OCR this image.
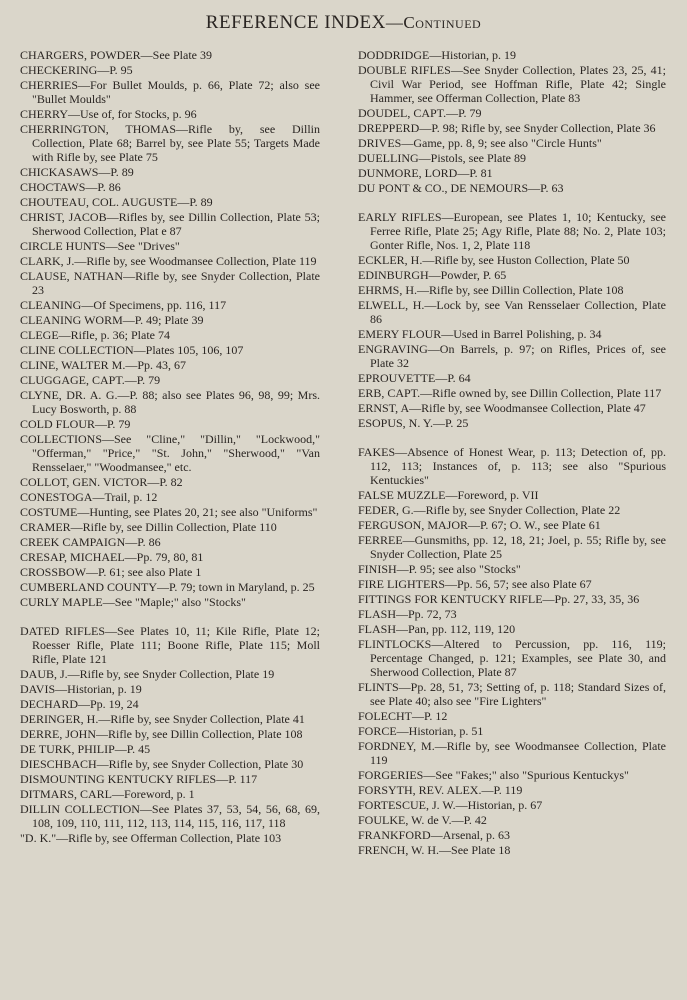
REFERENCE INDEX—Continued
CHARGERS, POWDER—See Plate 39
CHECKERING—P. 95
CHERRIES—For Bullet Moulds, p. 66, Plate 72; also see "Bullet Moulds"
CHERRY—Use of, for Stocks, p. 96
CHERRINGTON, THOMAS—Rifle by, see Dillin Collection, Plate 68; Barrel by, see Plate 55; Targets Made with Rifle by, see Plate 75
CHICKASAWS—P. 89
CHOCTAWS—P. 86
CHOUTEAU, COL. AUGUSTE—P. 89
CHRIST, JACOB—Rifles by, see Dillin Collection, Plate 53; Sherwood Collection, Plat e 87
CIRCLE HUNTS—See "Drives"
CLARK, J.—Rifle by, see Woodmansee Collection, Plate 119
CLAUSE, NATHAN—Rifle by, see Snyder Collection, Plate 23
CLEANING—Of Specimens, pp. 116, 117
CLEANING WORM—P. 49; Plate 39
CLEGE—Rifle, p. 36; Plate 74
CLINE COLLECTION—Plates 105, 106, 107
CLINE, WALTER M.—Pp. 43, 67
CLUGGAGE, CAPT.—P. 79
CLYNE, DR. A. G.—P. 88; also see Plates 96, 98, 99; Mrs. Lucy Bosworth, p. 88
COLD FLOUR—P. 79
COLLECTIONS—See "Cline," "Dillin," "Lockwood," "Offerman," "Price," "St. John," "Sherwood," "Van Rensselaer," "Woodmansee," etc.
COLLOT, GEN. VICTOR—P. 82
CONESTOGA—Trail, p. 12
COSTUME—Hunting, see Plates 20, 21; see also "Uniforms"
CRAMER—Rifle by, see Dillin Collection, Plate 110
CREEK CAMPAIGN—P. 86
CRESAP, MICHAEL—Pp. 79, 80, 81
CROSSBOW—P. 61; see also Plate 1
CUMBERLAND COUNTY—P. 79; town in Maryland, p. 25
CURLY MAPLE—See "Maple;" also "Stocks"
DATED RIFLES—See Plates 10, 11; Kile Rifle, Plate 12; Roesser Rifle, Plate 111; Boone Rifle, Plate 115; Moll Rifle, Plate 121
DAUB, J.—Rifle by, see Snyder Collection, Plate 19
DAVIS—Historian, p. 19
DECHARD—Pp. 19, 24
DERINGER, H.—Rifle by, see Snyder Collection, Plate 41
DERRE, JOHN—Rifle by, see Dillin Collection, Plate 108
DE TURK, PHILIP—P. 45
DIESCHBACH—Rifle by, see Snyder Collection, Plate 30
DISMOUNTING KENTUCKY RIFLES—P. 117
DITMARS, CARL—Foreword, p. 1
DILLIN COLLECTION—See Plates 37, 53, 54, 56, 68, 69, 108, 109, 110, 111, 112, 113, 114, 115, 116, 117, 118
"D. K."—Rifle by, see Offerman Collection, Plate 103
DODDRIDGE—Historian, p. 19
DOUBLE RIFLES—See Snyder Collection, Plates 23, 25, 41; Civil War Period, see Hoffman Rifle, Plate 42; Single Hammer, see Offerman Collection, Plate 83
DOUDEL, CAPT.—P. 79
DREPPERD—P. 98; Rifle by, see Snyder Collection, Plate 36
DRIVES—Game, pp. 8, 9; see also "Circle Hunts"
DUELLING—Pistols, see Plate 89
DUNMORE, LORD—P. 81
DU PONT & CO., DE NEMOURS—P. 63
EARLY RIFLES—European, see Plates 1, 10; Kentucky, see Ferree Rifle, Plate 25; Agy Rifle, Plate 88; No. 2, Plate 103; Gonter Rifle, Nos. 1, 2, Plate 118
ECKLER, H.—Rifle by, see Huston Collection, Plate 50
EDINBURGH—Powder, P. 65
EHRMS, H.—Rifle by, see Dillin Collection, Plate 108
ELWELL, H.—Lock by, see Van Rensselaer Collection, Plate 86
EMERY FLOUR—Used in Barrel Polishing, p. 34
ENGRAVING—On Barrels, p. 97; on Rifles, Prices of, see Plate 32
EPROUVETTE—P. 64
ERB, CAPT.—Rifle owned by, see Dillin Collection, Plate 117
ERNST, A—Rifle by, see Woodmansee Collection, Plate 47
ESOPUS, N. Y.—P. 25
FAKES—Absence of Honest Wear, p. 113; Detection of, pp. 112, 113; Instances of, p. 113; see also "Spurious Kentuckies"
FALSE MUZZLE—Foreword, p. VII
FEDER, G.—Rifle by, see Snyder Collection, Plate 22
FERGUSON, MAJOR—P. 67; O. W., see Plate 61
FERREE—Gunsmiths, pp. 12, 18, 21; Joel, p. 55; Rifle by, see Snyder Collection, Plate 25
FINISH—P. 95; see also "Stocks"
FIRE LIGHTERS—Pp. 56, 57; see also Plate 67
FITTINGS FOR KENTUCKY RIFLE—Pp. 27, 33, 35, 36
FLASH—Pp. 72, 73
FLASH—Pan, pp. 112, 119, 120
FLINTLOCKS—Altered to Percussion, pp. 116, 119; Percentage Changed, p. 121; Examples, see Plate 30, and Sherwood Collection, Plate 87
FLINTS—Pp. 28, 51, 73; Setting of, p. 118; Standard Sizes of, see Plate 40; also see "Fire Lighters"
FOLECHT—P. 12
FORCE—Historian, p. 51
FORDNEY, M.—Rifle by, see Woodmansee Collection, Plate 119
FORGERIES—See "Fakes;" also "Spurious Kentuckys"
FORSYTH, REV. ALEX.—P. 119
FORTESCUE, J. W.—Historian, p. 67
FOULKE, W. de V.—P. 42
FRANKFORD—Arsenal, p. 63
FRENCH, W. H.—See Plate 18
